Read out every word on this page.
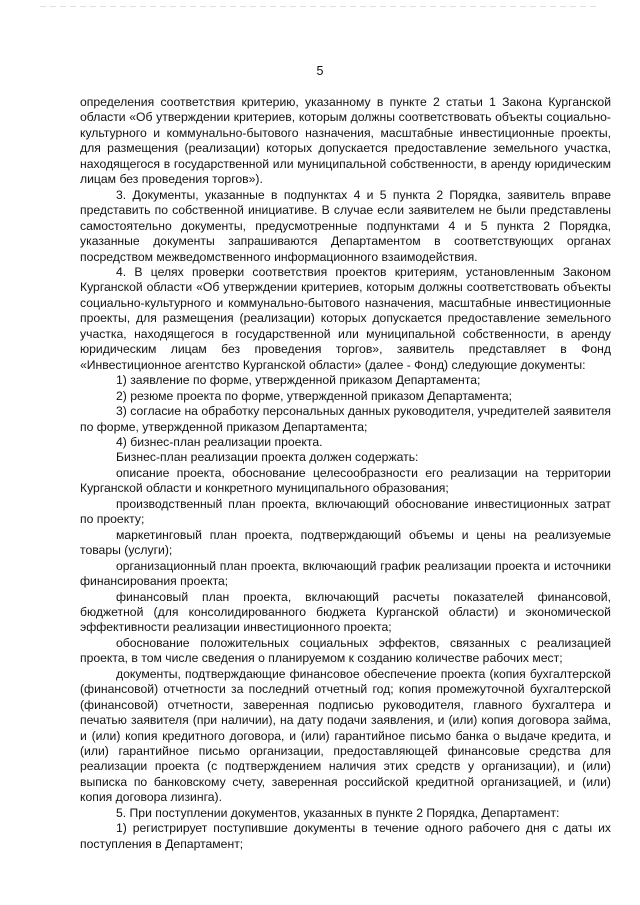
5

определения соответствия критерию, указанному в пункте 2 статьи 1 Закона Курганской области «Об утверждении критериев, которым должны соответствовать объекты социально-культурного и коммунально-бытового назначения, масштабные инвестиционные проекты, для размещения (реализации) которых допускается предоставление земельного участка, находящегося в государственной или муниципальной собственности, в аренду юридическим лицам без проведения торгов»).

3. Документы, указанные в подпунктах 4 и 5 пункта 2 Порядка, заявитель вправе представить по собственной инициативе. В случае если заявителем не были представлены самостоятельно документы, предусмотренные подпунктами 4 и 5 пункта 2 Порядка, указанные документы запрашиваются Департаментом в соответствующих органах посредством межведомственного информационного взаимодействия.

4. В целях проверки соответствия проектов критериям, установленным Законом Курганской области «Об утверждении критериев, которым должны соответствовать объекты социально-культурного и коммунально-бытового назначения, масштабные инвестиционные проекты, для размещения (реализации) которых допускается предоставление земельного участка, находящегося в государственной или муниципальной собственности, в аренду юридическим лицам без проведения торгов», заявитель представляет в Фонд «Инвестиционное агентство Курганской области» (далее - Фонд) следующие документы:

1) заявление по форме, утвержденной приказом Департамента;

2) резюме проекта по форме, утвержденной приказом Департамента;

3) согласие на обработку персональных данных руководителя, учредителей заявителя по форме, утвержденной приказом Департамента;

4) бизнес-план реализации проекта.

Бизнес-план реализации проекта должен содержать:

описание проекта, обоснование целесообразности его реализации на территории Курганской области и конкретного муниципального образования;

производственный план проекта, включающий обоснование инвестиционных затрат по проекту;

маркетинговый план проекта, подтверждающий объемы и цены на реализуемые товары (услуги);

организационный план проекта, включающий график реализации проекта и источники финансирования проекта;

финансовый план проекта, включающий расчеты показателей финансовой, бюджетной (для консолидированного бюджета Курганской области) и экономической эффективности реализации инвестиционного проекта;

обоснование положительных социальных эффектов, связанных с реализацией проекта, в том числе сведения о планируемом к созданию количестве рабочих мест;

документы, подтверждающие финансовое обеспечение проекта (копия бухгалтерской (финансовой) отчетности за последний отчетный год; копия промежуточной бухгалтерской (финансовой) отчетности, заверенная подписью руководителя, главного бухгалтера и печатью заявителя (при наличии), на дату подачи заявления, и (или) копия договора займа, и (или) копия кредитного договора, и (или) гарантийное письмо банка о выдаче кредита, и (или) гарантийное письмо организации, предоставляющей финансовые средства для реализации проекта (с подтверждением наличия этих средств у организации), и (или) выписка по банковскому счету, заверенная российской кредитной организацией, и (или) копия договора лизинга).

5. При поступлении документов, указанных в пункте 2 Порядка, Департамент:

1) регистрирует поступившие документы в течение одного рабочего дня с даты их поступления в Департамент;
